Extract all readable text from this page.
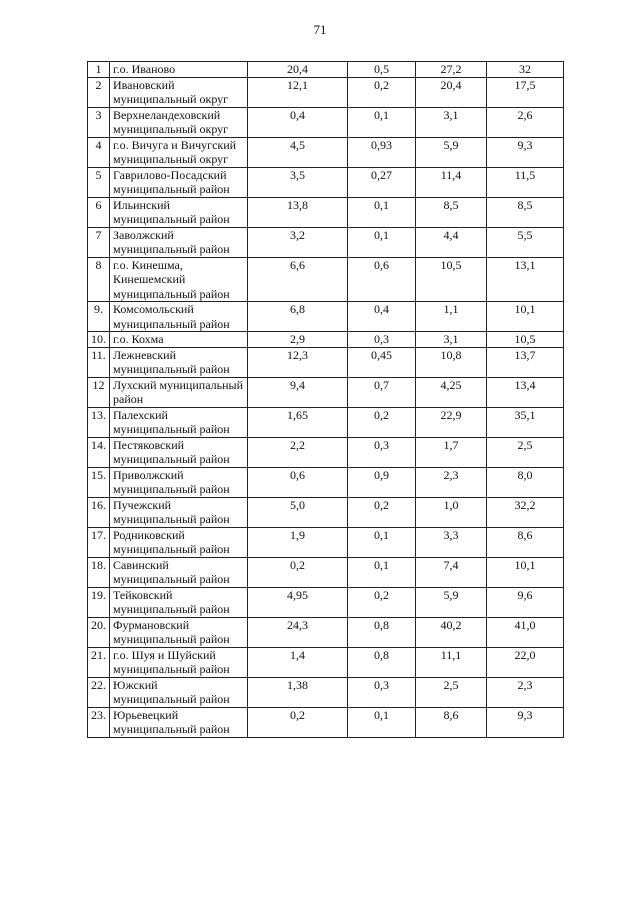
71
1	г.о. Иваново	20,4	0,5	27,2	32
2	Ивановский муниципальный округ	12,1	0,2	20,4	17,5
3	Верхнеландеховский муниципальный округ	0,4	0,1	3,1	2,6
4	г.о. Вичуга и Вичугский муниципальный округ	4,5	0,93	5,9	9,3
5	Гаврилово-Посадский муниципальный район	3,5	0,27	11,4	11,5
6	Ильинский муниципальный район	13,8	0,1	8,5	8,5
7	Заволжский муниципальный район	3,2	0,1	4,4	5,5
8	г.о. Кинешма, Кинешемский муниципальный район	6,6	0,6	10,5	13,1
9.	Комсомольский муниципальный район	6,8	0,4	1,1	10,1
10.	г.о. Кохма	2,9	0,3	3,1	10,5
11.	Лежневский муниципальный район	12,3	0,45	10,8	13,7
12	Лухский муниципальный район	9,4	0,7	4,25	13,4
13.	Палехский муниципальный район	1,65	0,2	22,9	35,1
14.	Пестяковский муниципальный район	2,2	0,3	1,7	2,5
15.	Приволжский муниципальный район	0,6	0,9	2,3	8,0
16.	Пучежский муниципальный район	5,0	0,2	1,0	32,2
17.	Родниковский муниципальный район	1,9	0,1	3,3	8,6
18.	Савинский муниципальный район	0,2	0,1	7,4	10,1
19.	Тейковский муниципальный район	4,95	0,2	5,9	9,6
20.	Фурмановский муниципальный район	24,3	0,8	40,2	41,0
21.	г.о. Шуя и Шуйский муниципальный район	1,4	0,8	11,1	22,0
22.	Южский муниципальный район	1,38	0,3	2,5	2,3
23.	Юрьевецкий муниципальный район	0,2	0,1	8,6	9,3
